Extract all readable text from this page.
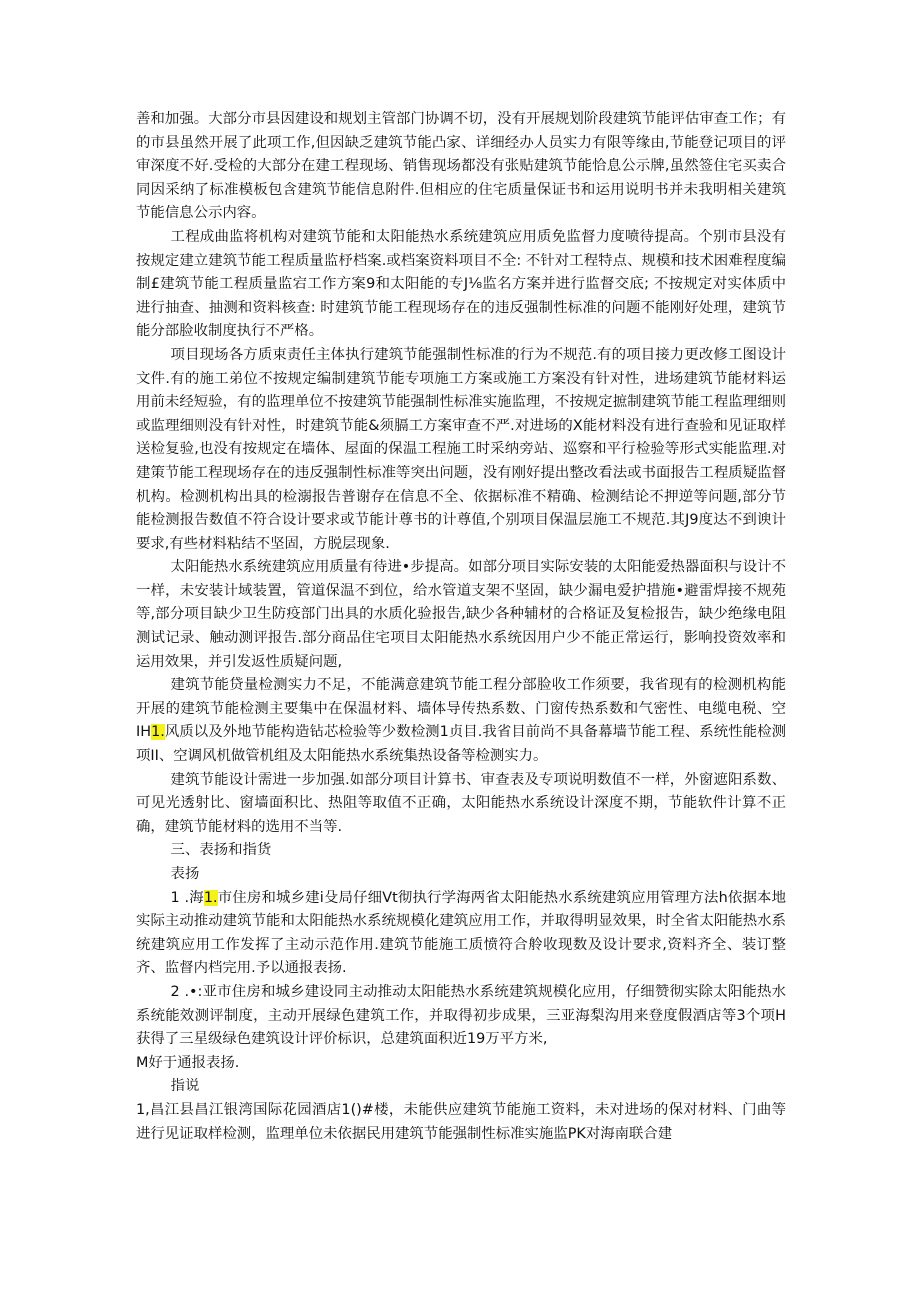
善和加强。大部分市县因建设和规划主管部门协调不切，没有开展规划阶段建筑节能评估审查工作；有的市县虽然开展了此项工作,但因缺乏建筑节能凸家、详细经办人员实力有限等缘由,节能登记项目的评审深度不好.受检的大部分在建工程现场、销售现场都没有张贴建筑节能恰息公示牌,虽然签住宅买卖合同因采纳了标准模板包含建筑节能信息附件.但相应的住宅质量保证书和运用说明书并未我明相关建筑节能信息公示内容。

工程成曲监将机构对建筑节能和太阳能热水系统建筑应用质免监督力度喷待提高。个别市县没有按规定建立建筑节能工程质量监杼档案.或档案资料项目不全: 不针对工程特点、规模和技术困难程度编制£建筑节能工程质量监宕工作方案9和太阳能的专J⅛监名方案并进行监督交底; 不按规定对实体质中进行抽查、抽测和资料核查: 时建筑节能工程现场存在的违反强制性标准的问题不能刚好处理，建筑节能分部脸收制度执行不严格。

项目现场各方质束责任主体执行建筑节能强制性标准的行为不规范.有的项目接力更改修工图设计文件.有的施工弟位不按规定编制建筑节能专项施工方案或施工方案没有针对性，进场建筑节能材料运用前未经短验，有的监理单位不按建筑节能强制性标准实施监理，不按规定摭制建筑节能工程监理细则或监理细则没有针对性，时建筑节能&须膈工方案审查不严.对进场的X能材料没有进行查验和见证取样送检复验,也没有按规定在墙体、屋面的保温工程施工时采纳旁站、巡察和平行检验等形式实能监理.对建策节能工程现场存在的违反强制性标准等突出问题，没有刚好提出整改看法或书面报告工程质疑监督机构。检测机构出具的检溺报告普谢存在信息不全、依据标准不精确、检测结论不押逆等问题,部分节能检测报告数值不符合设计要求或节能计尊书的计尊值,个别项目保温层施工不规范.其J9度达不到谀计要求,有些材料粘结不坚固，方脱层现象.

太阳能热水系统建筑应用质量有待进•步提高。如部分项目实际安装的太阳能爱热器面积与设计不一样，未安装计域装置，管道保温不到位，给水管道支架不坚固，缺少漏电爱护措施•避雷焊接不规苑等,部分项目缺少卫生防疫部门出具的水质化验报告,缺少各种辅材的合格证及复检报告，缺少绝缘电阻测试记录、触动测评报告.部分商品住宅项目太阳能热水系统因用户少不能正常运行，影响投资效率和运用效果，并引发返性质疑问题,

建筑节能贷量检测实力不足，不能满意建筑节能工程分部脸收工作须要，我省现有的检测机构能开展的建筑节能检测主要集中在保温材料、墙体导传热系数、门窗传热系数和气密性、电缆电税、空IH1.风质以及外地节能构造钻芯检验等少数检测1贞目.我省目前尚不具备幕墙节能工程、系统性能检测项II、空调风机做管机组及太阳能热水系统集热设备等检测实力。

建筑节能设计需进一步加强.如部分项目计算书、审查表及专项说明数值不一样，外窗遮阳系数、可见光透射比、窗墙面积比、热阻等取值不正确，太阳能热水系统设计深度不期，节能软件计算不正确，建筑节能材料的选用不当等.

三、表扬和指货

表扬

1 .海1.市住房和城乡建i殳局仔细Vt彻执行学海两省太阳能热水系统建筑应用管理方法h依据本地实际主动推动建筑节能和太阳能热水系统规模化建筑应用工作，并取得明显效果，时全省太阳能热水系统建筑应用工作发挥了主动示范作用.建筑节能施工质愤符合舲收现数及设计要求,资料齐全、装订整齐、监督内档完用.予以通报表扬.

2 .•:亚市住房和城乡建设同主动推动太阳能热水系统建筑规模化应用，仔细赞彻实除太阳能热水系统能效测评制度，主动开展绿色建筑工作，并取得初步成果，三亚海梨沟用来登度假酒店等3个项H获得了三星级绿色建筑设计评价标识，总建筑面积近19万平方米,

M好于通报表扬.

指说

1,昌江县昌江银湾国际花园酒店1()#楼，未能供应建筑节能施工资料，未对进场的保对材料、门曲等进行见证取样检测，监理单位未依据民用建筑节能强制性标准实施监PK对海南联合建
